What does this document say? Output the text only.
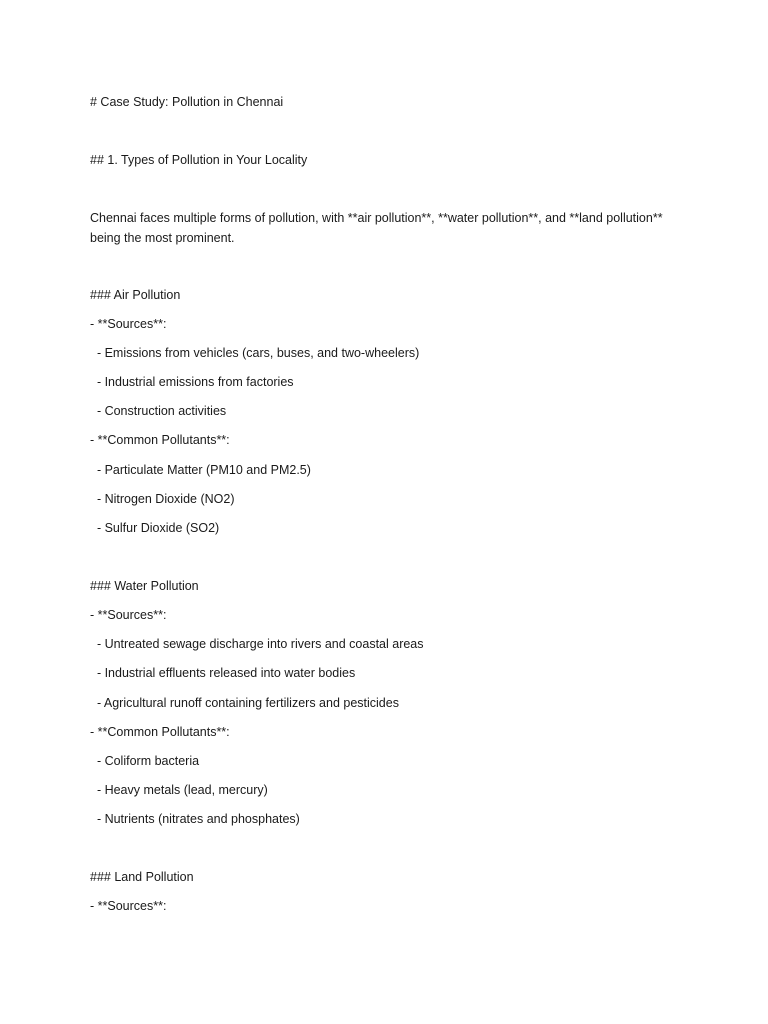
# Case Study: Pollution in Chennai
## 1. Types of Pollution in Your Locality
Chennai faces multiple forms of pollution, with **air pollution**, **water pollution**, and **land pollution** being the most prominent.
### Air Pollution
- **Sources**:
- Emissions from vehicles (cars, buses, and two-wheelers)
- Industrial emissions from factories
- Construction activities
- **Common Pollutants**:
- Particulate Matter (PM10 and PM2.5)
- Nitrogen Dioxide (NO2)
- Sulfur Dioxide (SO2)
### Water Pollution
- **Sources**:
- Untreated sewage discharge into rivers and coastal areas
- Industrial effluents released into water bodies
- Agricultural runoff containing fertilizers and pesticides
- **Common Pollutants**:
- Coliform bacteria
- Heavy metals (lead, mercury)
- Nutrients (nitrates and phosphates)
### Land Pollution
- **Sources**:
